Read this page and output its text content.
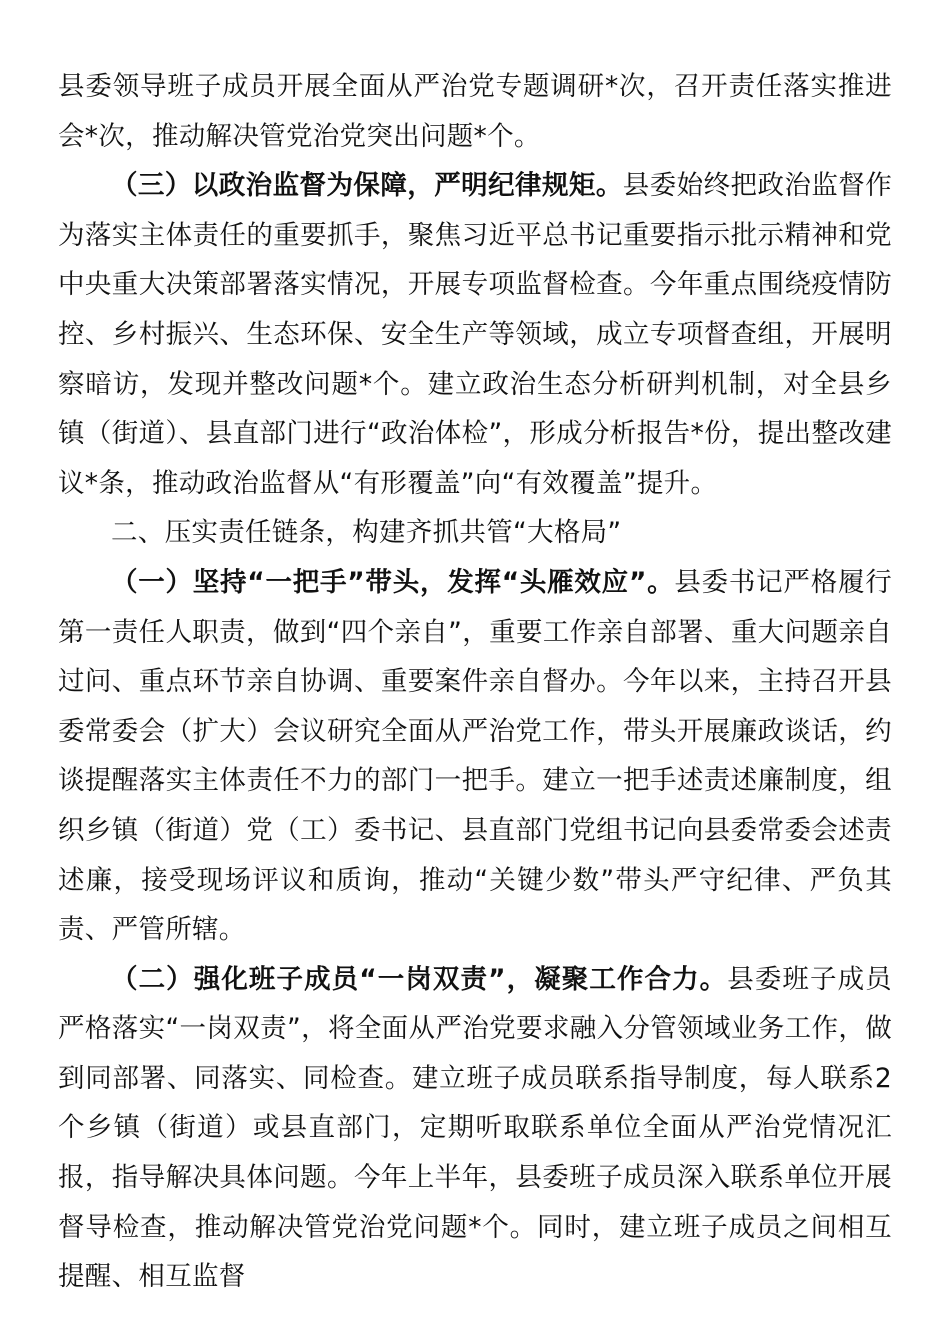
县委领导班子成员开展全面从严治党专题调研*次，召开责任落实推进会*次，推动解决管党治党突出问题*个。

（三）以政治监督为保障，严明纪律规矩。县委始终把政治监督作为落实主体责任的重要抓手，聚焦习近平总书记重要指示批示精神和党中央重大决策部署落实情况，开展专项监督检查。今年重点围绕疫情防控、乡村振兴、生态环保、安全生产等领域，成立专项督查组，开展明察暗访，发现并整改问题*个。建立政治生态分析研判机制，对全县乡镇（街道）、县直部门进行“政治体检”，形成分析报告*份，提出整改建议*条，推动政治监督从“有形覆盖”向“有效覆盖”提升。

二、压实责任链条，构建齐抓共管“大格局”

（一）坚持“一把手”带头，发挥“头雁效应”。县委书记严格履行第一责任人职责，做到“四个亲自”，重要工作亲自部署、重大问题亲自过问、重点环节亲自协调、重要案件亲自督办。今年以来，主持召开县委常委会（扩大）会议研究全面从严治党工作，带头开展廉政谈话，约谈提醒落实主体责任不力的部门一把手。建立一把手述责述廉制度，组织乡镇（街道）党（工）委书记、县直部门党组书记向县委常委会述责述廉，接受现场评议和质询，推动“关键少数”带头严守纪律、严负其责、严管所辖。

（二）强化班子成员“一岗双责”，凝聚工作合力。县委班子成员严格落实“一岗双责”，将全面从严治党要求融入分管领域业务工作，做到同部署、同落实、同检查。建立班子成员联系指导制度，每人联系2个乡镇（街道）或县直部门，定期听取联系单位全面从严治党情况汇报，指导解决具体问题。今年上半年，县委班子成员深入联系单位开展督导检查，推动解决管党治党问题*个。同时，建立班子成员之间相互提醒、相互监督
